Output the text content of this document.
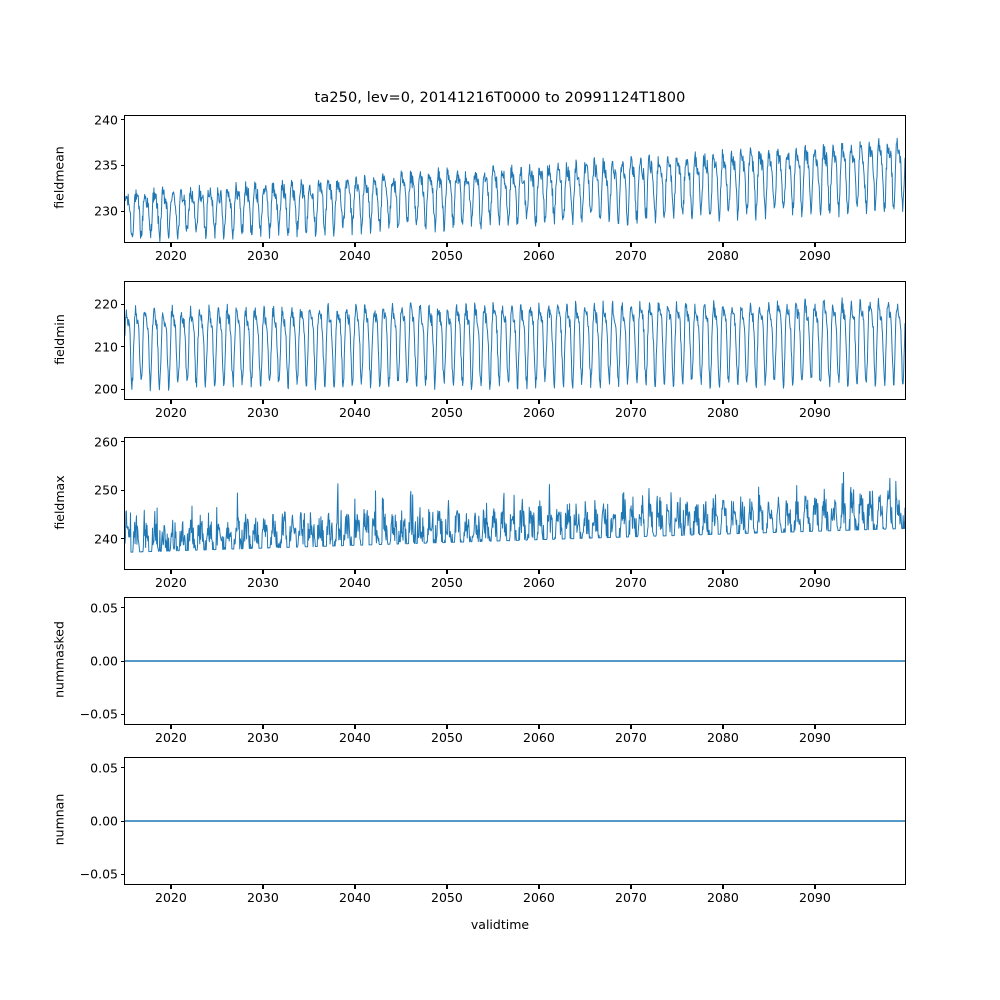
ta250, lev=0, 20141216T0000 to 20991124T1800
validtime
fieldmean
230
235
240
2020	2030	2040	2050	2060	2070	2080	2090
fieldmin
200
210
220
2020	2030	2040	2050	2060	2070	2080	2090
fieldmax
240
250
260
2020	2030	2040	2050	2060	2070	2080	2090
nummasked
−0.05
0.00
0.05
2020	2030	2040	2050	2060	2070	2080	2090
numnan
−0.05
0.00
0.05
2020	2030	2040	2050	2060	2070	2080	2090
